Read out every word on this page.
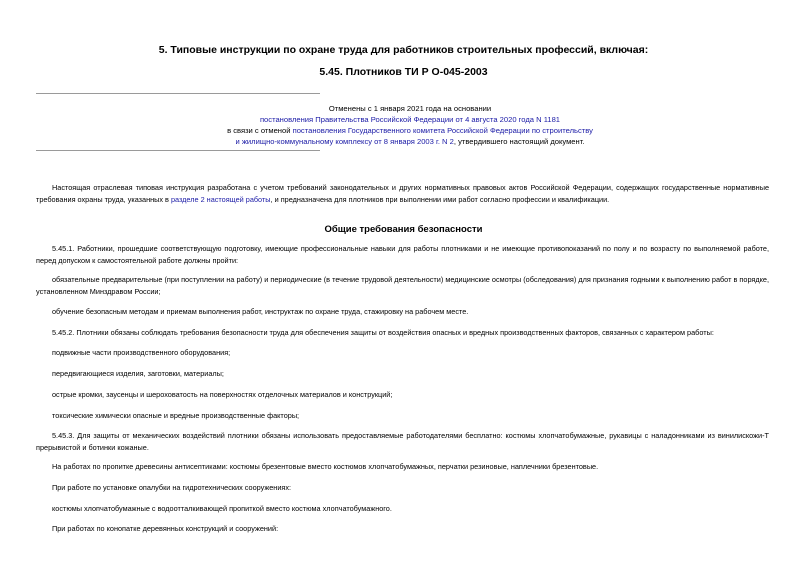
5. Типовые инструкции по охране труда для работников строительных профессий, включая:
5.45. Плотников ТИ Р О-045-2003
Отменены с 1 января 2021 года на основании
постановления Правительства Российской Федерации от 4 августа 2020 года N 1181
в связи с отменой постановления Государственного комитета Российской Федерации по строительству
и жилищно-коммунальному комплексу от 8 января 2003 г. N 2, утвердившего настоящий документ.
Настоящая отраслевая типовая инструкция разработана с учетом требований законодательных и других нормативных правовых актов Российской Федерации, содержащих государственные нормативные требования охраны труда, указанных в разделе 2 настоящей работы, и предназначена для плотников при выполнении ими работ согласно профессии и квалификации.
Общие требования безопасности
5.45.1. Работники, прошедшие соответствующую подготовку, имеющие профессиональные навыки для работы плотниками и не имеющие противопоказаний по полу и по возрасту по выполняемой работе, перед допуском к самостоятельной работе должны пройти:
обязательные предварительные (при поступлении на работу) и периодические (в течение трудовой деятельности) медицинские осмотры (обследования) для признания годными к выполнению работ в порядке, установленном Минздравом России;
обучение безопасным методам и приемам выполнения работ, инструктаж по охране труда, стажировку на рабочем месте.
5.45.2. Плотники обязаны соблюдать требования безопасности труда для обеспечения защиты от воздействия опасных и вредных производственных факторов, связанных с характером работы:
подвижные части производственного оборудования;
передвигающиеся изделия, заготовки, материалы;
острые кромки, заусенцы и шероховатость на поверхностях отделочных материалов и конструкций;
токсические химически опасные и вредные производственные факторы;
5.45.3. Для защиты от механических воздействий плотники обязаны использовать предоставляемые работодателями бесплатно: костюмы хлопчатобумажные, рукавицы с наладонниками из винилискожи-Т прерывистой и ботинки кожаные.
На работах по пропитке древесины антисептиками: костюмы брезентовые вместо костюмов хлопчатобумажных, перчатки резиновые, наплечники брезентовые.
При работе по установке опалубки на гидротехнических сооружениях:
костюмы хлопчатобумажные с водоотталкивающей пропиткой вместо костюма хлопчатобумажного.
При работах по конопатке деревянных конструкций и сооружений:
